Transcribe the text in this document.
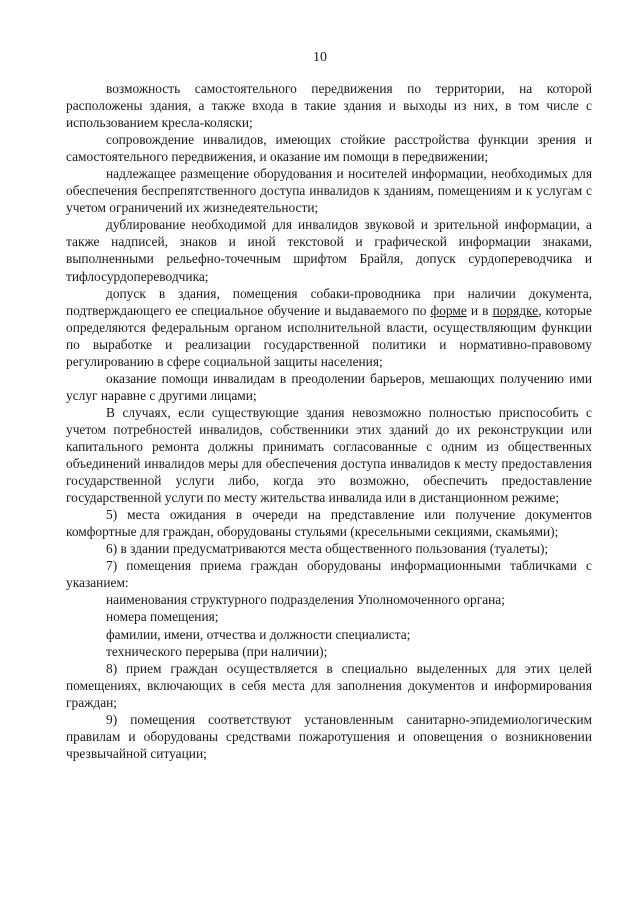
10

возможность самостоятельного передвижения по территории, на которой расположены здания, а также входа в такие здания и выходы из них, в том числе с использованием кресла-коляски;

сопровождение инвалидов, имеющих стойкие расстройства функции зрения и самостоятельного передвижения, и оказание им помощи в передвижении;

надлежащее размещение оборудования и носителей информации, необходимых для обеспечения беспрепятственного доступа инвалидов к зданиям, помещениям и к услугам с учетом ограничений их жизнедеятельности;

дублирование необходимой для инвалидов звуковой и зрительной информации, а также надписей, знаков и иной текстовой и графической информации знаками, выполненными рельефно-точечным шрифтом Брайля, допуск сурдопереводчика и тифлосурдопереводчика;

допуск в здания, помещения собаки-проводника при наличии документа, подтверждающего ее специальное обучение и выдаваемого по форме и в порядке, которые определяются федеральным органом исполнительной власти, осуществляющим функции по выработке и реализации государственной политики и нормативно-правовому регулированию в сфере социальной защиты населения;

оказание помощи инвалидам в преодолении барьеров, мешающих получению ими услуг наравне с другими лицами;

В случаях, если существующие здания невозможно полностью приспособить с учетом потребностей инвалидов, собственники этих зданий до их реконструкции или капитального ремонта должны принимать согласованные с одним из общественных объединений инвалидов меры для обеспечения доступа инвалидов к месту предоставления государственной услуги либо, когда это возможно, обеспечить предоставление государственной услуги по месту жительства инвалида или в дистанционном режиме;

5) места ожидания в очереди на представление или получение документов комфортные для граждан, оборудованы стульями (кресельными секциями, скамьями);

6) в здании предусматриваются места общественного пользования (туалеты);

7) помещения приема граждан оборудованы информационными табличками с указанием:

наименования структурного подразделения Уполномоченного органа;

номера помещения;

фамилии, имени, отчества и должности специалиста;

технического перерыва (при наличии);

8) прием граждан осуществляется в специально выделенных для этих целей помещениях, включающих в себя места для заполнения документов и информирования граждан;

9) помещения соответствуют установленным санитарно-эпидемиологическим правилам и оборудованы средствами пожаротушения и оповещения о возникновении чрезвычайной ситуации;
